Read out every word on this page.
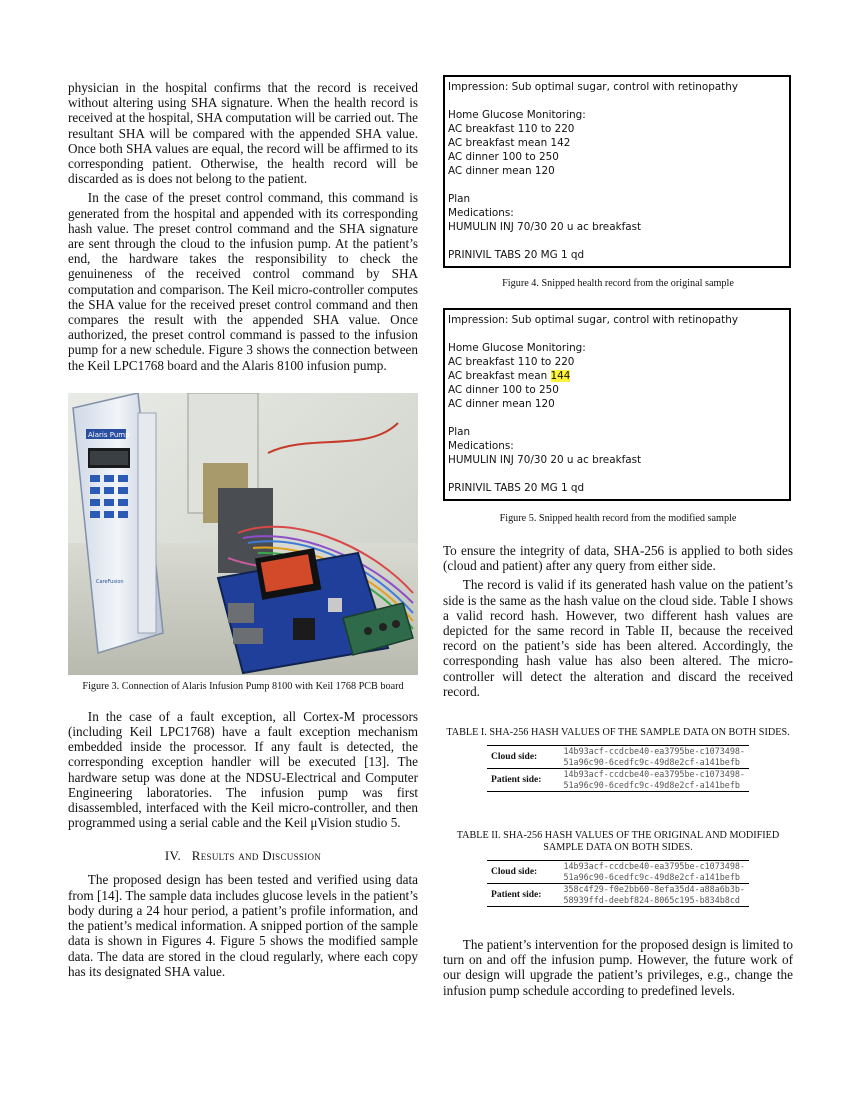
physician in the hospital confirms that the record is received without altering using SHA signature. When the health record is received at the hospital, SHA computation will be carried out. The resultant SHA will be compared with the appended SHA value. Once both SHA values are equal, the record will be affirmed to its corresponding patient. Otherwise, the health record will be discarded as is does not belong to the patient.

In the case of the preset control command, this command is generated from the hospital and appended with its corresponding hash value. The preset control command and the SHA signature are sent through the cloud to the infusion pump. At the patient’s end, the hardware takes the responsibility to check the genuineness of the received control command by SHA computation and comparison. The Keil micro-controller computes the SHA value for the received preset control command and then compares the result with the appended SHA value. Once authorized, the preset control command is passed to the infusion pump for a new schedule. Figure 3 shows the connection between the Keil LPC1768 board and the Alaris 8100 infusion pump.

Alaris Pump
CareFusion

Figure 3. Connection of Alaris Infusion Pump 8100 with Keil 1768 PCB board

In the case of a fault exception, all Cortex-M processors (including Keil LPC1768) have a fault exception mechanism embedded inside the processor. If any fault is detected, the corresponding exception handler will be executed [13]. The hardware setup was done at the NDSU-Electrical and Computer Engineering laboratories. The infusion pump was first disassembled, interfaced with the Keil micro-controller, and then programmed using a serial cable and the Keil μVision studio 5.

IV. Results and Discussion

The proposed design has been tested and verified using data from [14]. The sample data includes glucose levels in the patient’s body during a 24 hour period, a patient’s profile information, and the patient’s medical information. A snipped portion of the sample data is shown in Figures 4. Figure 5 shows the modified sample data. The data are stored in the cloud regularly, where each copy has its designated SHA value.

Impression: Sub optimal sugar, control with retinopathy

Home Glucose Monitoring:
AC breakfast 110 to 220
AC breakfast mean 142
AC dinner 100 to 250
AC dinner mean 120

Plan
Medications:
HUMULIN INJ 70/30 20 u ac breakfast

PRINIVIL TABS 20 MG 1 qd

Figure 4. Snipped health record from the original sample

Impression: Sub optimal sugar, control with retinopathy

Home Glucose Monitoring:
AC breakfast 110 to 220
AC breakfast mean 144
AC dinner 100 to 250
AC dinner mean 120

Plan
Medications:
HUMULIN INJ 70/30 20 u ac breakfast

PRINIVIL TABS 20 MG 1 qd

Figure 5. Snipped health record from the modified sample

To ensure the integrity of data, SHA-256 is applied to both sides (cloud and patient) after any query from either side.

The record is valid if its generated hash value on the patient’s side is the same as the hash value on the cloud side. Table I shows a valid record hash. However, two different hash values are depicted for the same record in Table II, because the received record on the patient’s side has been altered. Accordingly, the corresponding hash value has also been altered. The micro-controller will detect the alteration and discard the received record.

TABLE I. SHA-256 HASH VALUES OF THE SAMPLE DATA ON BOTH SIDES.

Cloud side:	14b93acf-ccdcbe40-ea3795be-c1073498-
51a96c90-6cedfc9c-49d8e2cf-a141befb

Patient side:	14b93acf-ccdcbe40-ea3795be-c1073498-
51a96c90-6cedfc9c-49d8e2cf-a141befb

TABLE II. SHA-256 HASH VALUES OF THE ORIGINAL AND MODIFIED SAMPLE DATA ON BOTH SIDES.

Cloud side:	14b93acf-ccdcbe40-ea3795be-c1073498-
51a96c90-6cedfc9c-49d8e2cf-a141befb

Patient side:	358c4f29-f0e2bb60-8efa35d4-a88a6b3b-
58939ffd-deebf824-8065c195-b834b8cd

The patient’s intervention for the proposed design is limited to turn on and off the infusion pump. However, the future work of our design will upgrade the patient’s privileges, e.g., change the infusion pump schedule according to predefined levels.
